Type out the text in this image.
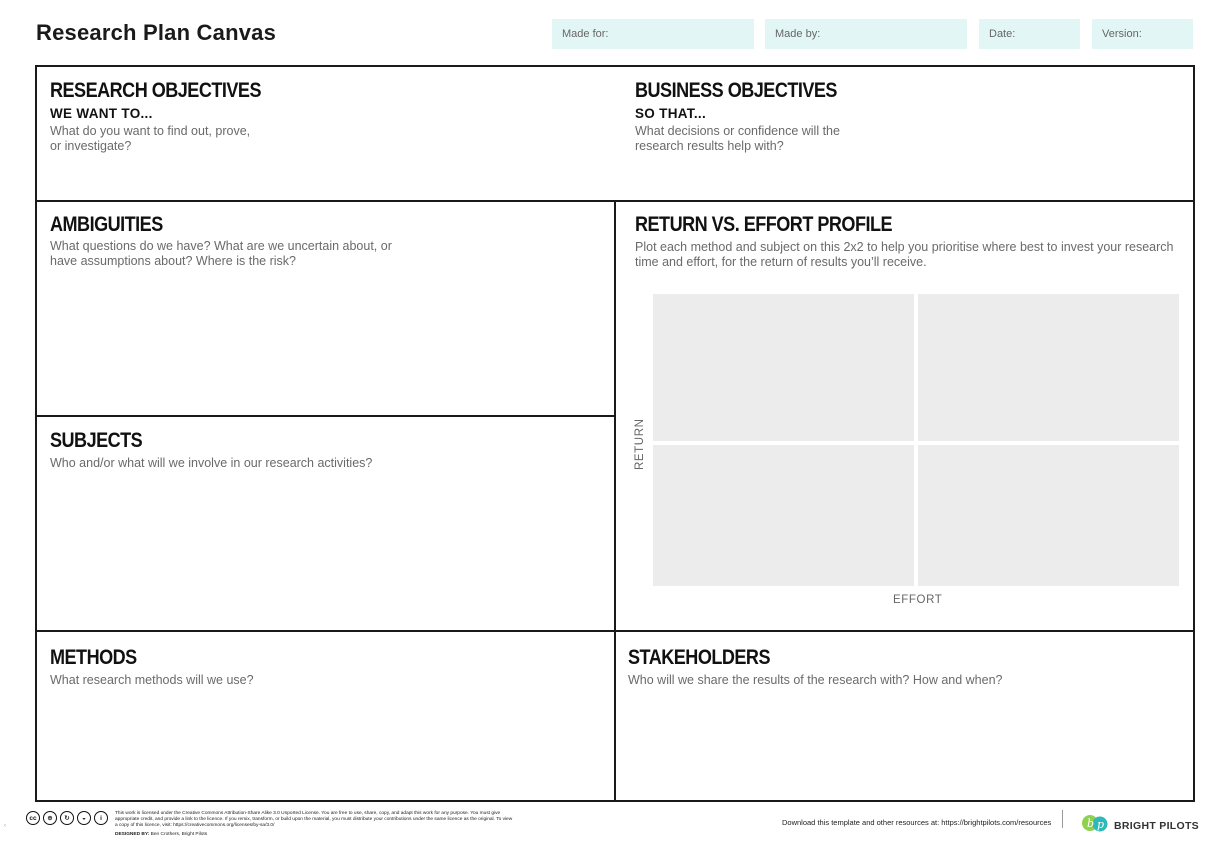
Research Plan Canvas	Made for:	Made by:	Date:	Version:
RESEARCH OBJECTIVES
WE WANT TO...
What do you want to find out, prove,
or investigate?
BUSINESS OBJECTIVES
SO THAT...
What decisions or confidence will the
research results help with?
AMBIGUITIES
What questions do we have? What are we uncertain about, or
have assumptions about? Where is the risk?
RETURN VS. EFFORT PROFILE
Plot each method and subject on this 2x2 to help you prioritise where best to invest your research
time and effort, for the return of results you’ll receive.
RETURN
EFFORT
SUBJECTS
Who and/or what will we involve in our research activities?
METHODS
What research methods will we use?
STAKEHOLDERS
Who will we share the results of the research with? How and when?
‹
cc	⊕	↻	◒	i
This work is licensed under the Creative Commons Attribution-Share Alike 3.0 Unported License. You are free to use, share, copy, and adapt this work for any purpose. You must give appropriate credit, and provide a link to the licence. If you remix, transform, or build upon the material, you must distribute your contributions under the same licence as the original. To view a copy of this licence, visit: https://creativecommons.org/licenses/by-sa/3.0/
DESIGNED BY: Ben Crothers, Bright Pilots
Download this template and other resources at: https://brightpilots.com/resources	b p BRIGHT PILOTS
